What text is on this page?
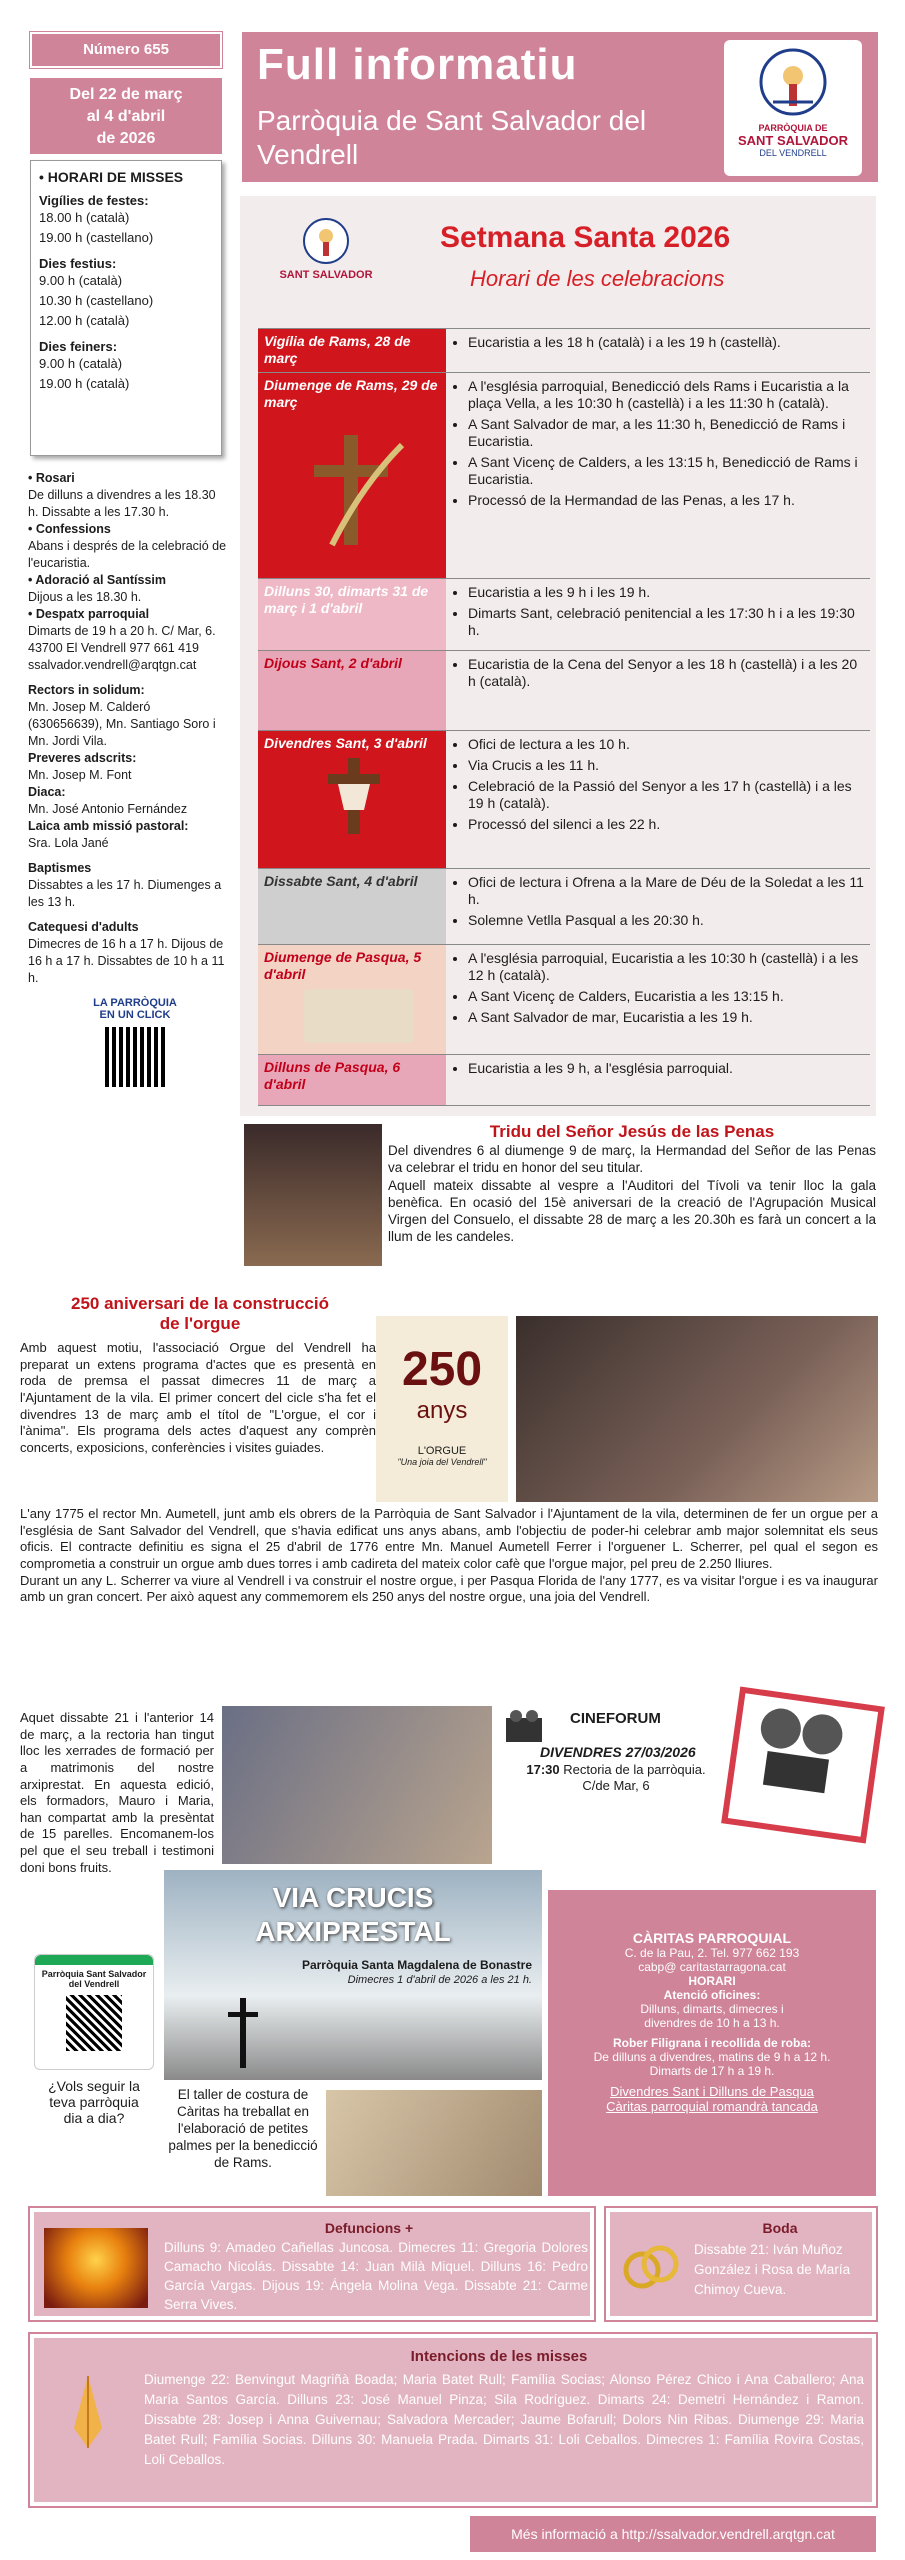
Número 655
Del 22 de març
al 4 d'abril
de 2026
Full informatiu
Parròquia de Sant Salvador del Vendrell
PARRÒQUIA DE
SANT SALVADOR
DEL VENDRELL
• HORARI DE MISSES
Vigílies de festes:

18.00 h (català)

19.00 h (castellano)

Dies festius:

9.00 h (català)

10.30 h (castellano)

12.00 h (català)

Dies feiners:

9.00 h (català)

19.00 h (català)

• Rosari

De dilluns a divendres a les 18.30 h. Dissabte a les 17.30 h.

• Confessions

Abans i després de la celebració de l'eucaristia.

• Adoració al Santíssim

Dijous a les 18.30 h.

• Despatx parroquial

Dimarts de 19 h a 20 h. C/ Mar, 6. 43700 El Vendrell 977 661 419 ssalvador.vendrell@arqtgn.cat

Rectors in solidum:

Mn. Josep M. Calderó (630656639), Mn. Santiago Soro i Mn. Jordi Vila.

Preveres adscrits:

Mn. Josep M. Font

Diaca:

Mn. José Antonio Fernández

Laica amb missió pastoral:

Sra. Lola Jané

Baptismes

Dissabtes a les 17 h. Diumenges a les 13 h.

Catequesi d'adults

Dimecres de 16 h a 17 h. Dijous de 16 h a 17 h. Dissabtes de 10 h a 11 h.

LA PARRÒQUIA EN UN CLICK
SANT SALVADOR
Setmana Santa 2026
Horari de les celebracions
Vigília de Rams, 28 de març
• Eucaristia a les 18 h (català) i a les 19 h (castellà).
Diumenge de Rams, 29 de març
• A l'església parroquial, Benedicció dels Rams i Eucaristia a la plaça Vella, a les 10:30 h (castellà) i a les 11:30 h (català).
• A Sant Salvador de mar, a les 11:30 h, Benedicció de Rams i Eucaristia.
• A Sant Vicenç de Calders, a les 13:15 h, Benedicció de Rams i Eucaristia.
• Processó de la Hermandad de las Penas, a les 17 h.
Dilluns 30, dimarts 31 de març i 1 d'abril
• Eucaristia a les 9 h i les 19 h.
• Dimarts Sant, celebració penitencial a les 17:30 h i a les 19:30 h.
Dijous Sant, 2 d'abril	• Eucaristia de la Cena del Senyor a les 18 h (castellà) i a les 20 h (català).
Divendres Sant, 3 d'abril	• Ofici de lectura a les 10 h.
• Via Crucis a les 11 h.
• Celebració de la Passió del Senyor a les 17 h (castellà) i a les 19 h (català).
• Processó del silenci a les 22 h.
Dissabte Sant, 4 d'abril	• Ofici de lectura i Ofrena a la Mare de Déu de la Soledat a les 11 h.
• Solemne Vetlla Pasqual a les 20:30 h.
Diumenge de Pasqua, 5 d'abril
• A l'església parroquial, Eucaristia a les 10:30 h (castellà) i a les 12 h (català).
• A Sant Vicenç de Calders, Eucaristia a les 13:15 h.
• A Sant Salvador de mar, Eucaristia a les 19 h.
Dilluns de Pasqua, 6 d'abril
• Eucaristia a les 9 h, a l'església parroquial.
Tridu del Señor Jesús de las Penas

Del divendres 6 al diumenge 9 de març, la Hermandad del Señor de las Penas va celebrar el tridu en honor del seu titular.

Aquell mateix dissabte al vespre a l'Auditori del Tívoli va tenir lloc la gala benèfica. En ocasió del 15è aniversari de la creació de l'Agrupación Musical Virgen del Consuelo, el dissabte 28 de març a les 20.30h es farà un concert a la llum de les candeles.

250 aniversari de la construcció de l'orgue

Amb aquest motiu, l'associació Orgue del Vendrell ha preparat un extens programa d'actes que es presentà en roda de premsa el passat dimecres 11 de març a l'Ajuntament de la vila. El primer concert del cicle s'ha fet el divendres 13 de març amb el títol de "L'orgue, el cor i l'ànima". Els programa dels actes d'aquest any comprèn concerts, exposicions, conferències i visites guiades.

250
anys
L'ORGUE
"Una joia del Vendrell"

L'any 1775 el rector Mn. Aumetell, junt amb els obrers de la Parròquia de Sant Salvador i l'Ajuntament de la vila, determinen de fer un orgue per a l'església de Sant Salvador del Vendrell, que s'havia edificat uns anys abans, amb l'objectiu de poder-hi celebrar amb major solemnitat els seus oficis. El contracte definitiu es signa el 25 d'abril de 1776 entre Mn. Manuel Aumetell Ferrer i l'orguener L. Scherrer, pel qual el segon es comprometia a construir un orgue amb dues torres i amb cadireta del mateix color cafè que l'orgue major, pel preu de 2.250 lliures.

Durant un any L. Scherrer va viure al Vendrell i va construir el nostre orgue, i per Pasqua Florida de l'any 1777, es va visitar l'orgue i es va inaugurar amb un gran concert. Per això aquest any commemorem els 250 anys del nostre orgue, una joia del Vendrell.

Aquet dissabte 21 i l'anterior 14 de març, a la rectoria han tingut lloc les xerrades de formació per a matrimonis del nostre arxiprestat. En aquesta edició, els formadors, Mauro i Maria, han compartat amb la presèntat de 15 parelles. Encomanem-los pel que el seu treball i testimoni doni bons fruits.

CINEFORUM
DIVENDRES 27/03/2026
17:30 Rectoria de la parròquia.
C/de Mar, 6
VIA CRUCIS
ARXIPRESTAL
Parròquia Santa Magdalena de Bonastre
Dimecres 1 d'abril de 2026 a les 21 h.
Parròquia Sant Salvador del Vendrell
¿Vols seguir la teva parròquia dia a dia?
El taller de costura de Càritas ha treballat en l'elaboració de petites palmes per la benedicció de Rams.
CÀRITAS PARROQUIAL
C. de la Pau, 2. Tel. 977 662 193
cabp@ caritastarragona.cat
HORARI
Atenció oficines:
Dilluns, dimarts, dimecres i divendres de 10 h a 13 h.
Rober Filigrana i recollida de roba:
De dilluns a divendres, matins de 9 h a 12 h. Dimarts de 17 h a 19 h.
Divendres Sant i Dilluns de Pasqua
Càritas parroquial romandrà tancada
Defuncions +
Dilluns 9: Amadeo Cañellas Juncosa. Dimecres 11: Gregoria Dolores Camacho Nicolás. Dissabte 14: Juan Milà Miquel. Dilluns 16: Pedro García Vargas. Dijous 19: Ángela Molina Vega. Dissabte 21: Carme Serra Vives.
Boda
Dissabte 21: Iván Muñoz González i Rosa de María Chimoy Cueva.
Intencions de les misses
Diumenge 22: Benvingut Magriñà Boada; Maria Batet Rull; Família Socias; Alonso Pérez Chico i Ana Caballero; Ana María Santos García. Dilluns 23: José Manuel Pinza; Sila Rodríguez. Dimarts 24: Demetri Hernández i Ramon. Dissabte 28: Josep i Anna Guivernau; Salvadora Mercader; Jaume Bofarull; Dolors Nin Ribas. Diumenge 29: Maria Batet Rull; Família Socias. Dilluns 30: Manuela Prada. Dimarts 31: Loli Ceballos. Dimecres 1: Família Rovira Costas, Loli Ceballos.
Més informació a http://ssalvador.vendrell.arqtgn.cat
